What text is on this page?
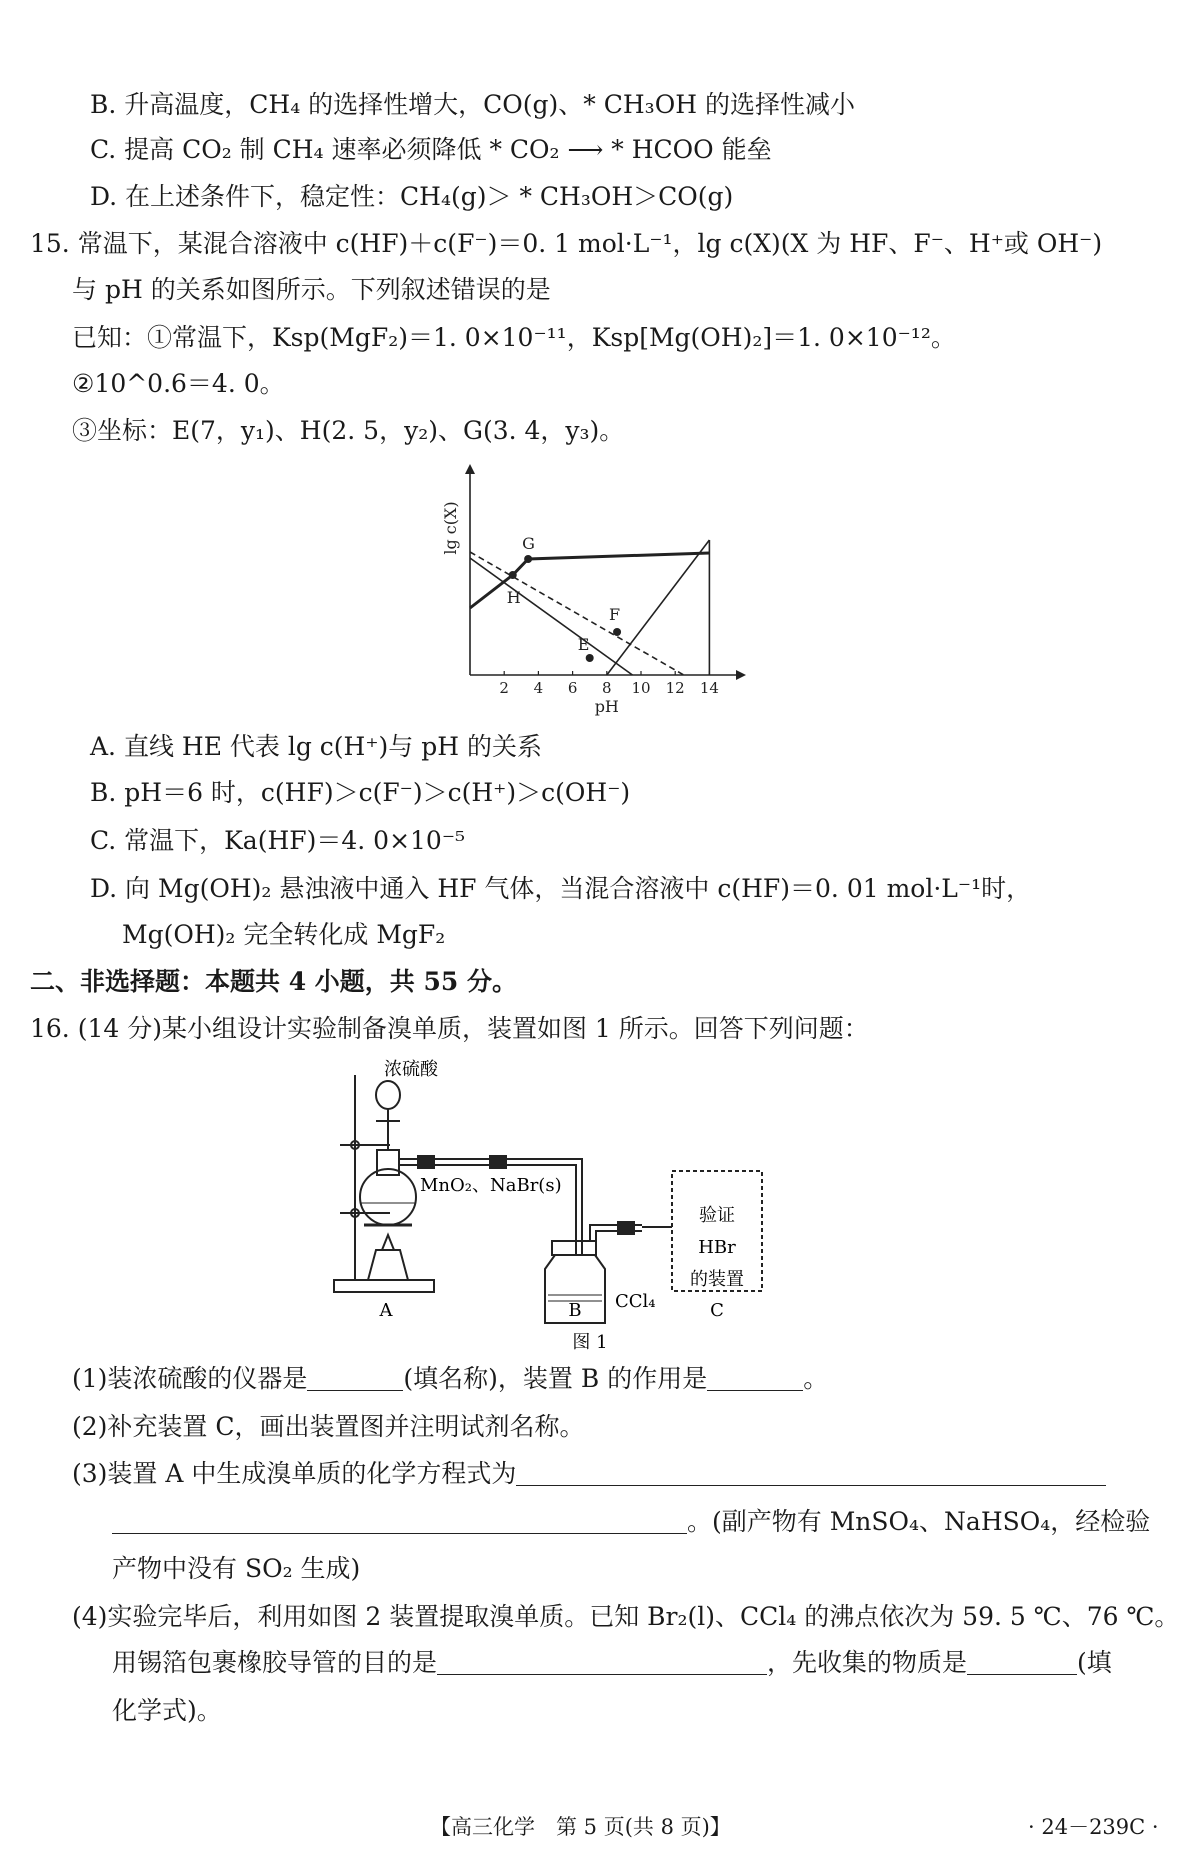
B. 升高温度，CH₄ 的选择性增大，CO(g)、* CH₃OH 的选择性减小
C. 提高 CO₂ 制 CH₄ 速率必须降低 * CO₂ ⟶ * HCOO 能垒
D. 在上述条件下，稳定性：CH₄(g)＞ * CH₃OH＞CO(g)
15. 常温下，某混合溶液中 c(HF)＋c(F⁻)＝0. 1 mol·L⁻¹，lg c(X)(X 为 HF、F⁻、H⁺或 OH⁻)
与 pH 的关系如图所示。下列叙述错误的是
已知：①常温下，Ksp(MgF₂)＝1. 0×10⁻¹¹，Ksp[Mg(OH)₂]＝1. 0×10⁻¹²。
②10^0.6＝4. 0。
③坐标：E(7，y₁)、H(2. 5，y₂)、G(3. 4，y₃)。
2 4 6 8 10 12 14
pH
lg c(X)	G
H
E
F
A. 直线 HE 代表 lg c(H⁺)与 pH 的关系
B. pH＝6 时，c(HF)＞c(F⁻)＞c(H⁺)＞c(OH⁻)
C. 常温下，Ka(HF)＝4. 0×10⁻⁵
D. 向 Mg(OH)₂ 悬浊液中通入 HF 气体，当混合溶液中 c(HF)＝0. 01 mol·L⁻¹时，
Mg(OH)₂ 完全转化成 MgF₂
二、非选择题：本题共 4 小题，共 55 分。
16. (14 分)某小组设计实验制备溴单质，装置如图 1 所示。回答下列问题：
浓硫酸
MnO₂、NaBr(s)
CCl₄
验证
HBr
的装置
A	B	C
图 1
(1)装浓硫酸的仪器是	(填名称)，装置 B 的作用是	。
(2)补充装置 C，画出装置图并注明试剂名称。
(3)装置 A 中生成溴单质的化学方程式为
。(副产物有 MnSO₄、NaHSO₄，经检验
产物中没有 SO₂ 生成)
(4)实验完毕后，利用如图 2 装置提取溴单质。已知 Br₂(l)、CCl₄ 的沸点依次为 59. 5 ℃、76 ℃。
用锡箔包裹橡胶导管的目的是	，先收集的物质是	(填
化学式)。
【高三化学　第 5 页(共 8 页)】	· 24－239C ·
